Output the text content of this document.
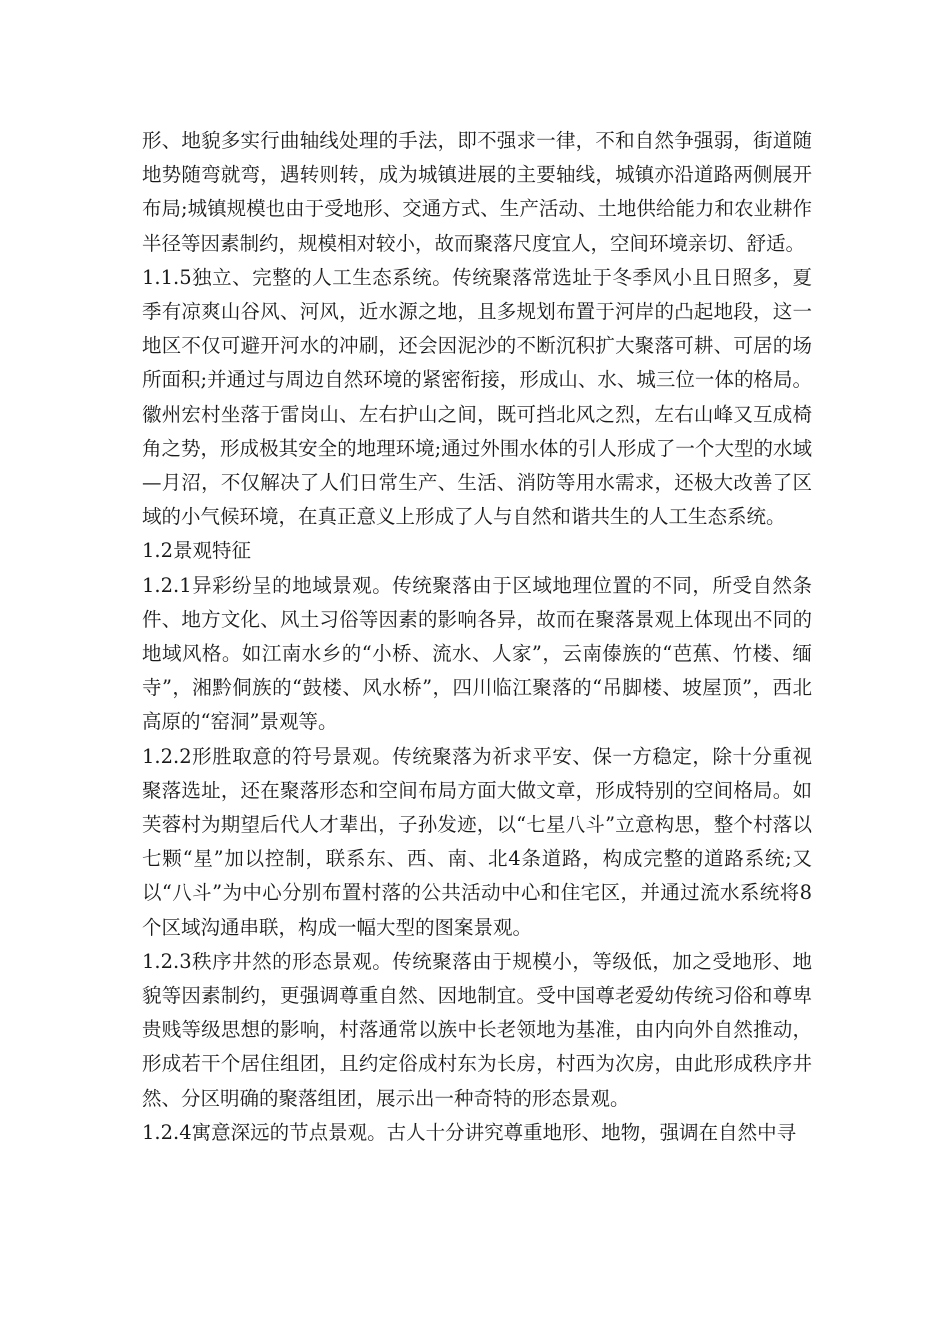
形、地貌多实行曲轴线处理的手法，即不强求一律，不和自然争强弱，街道随地势随弯就弯，遇转则转，成为城镇进展的主要轴线，城镇亦沿道路两侧展开布局;城镇规模也由于受地形、交通方式、生产活动、土地供给能力和农业耕作半径等因素制约，规模相对较小，故而聚落尺度宜人，空间环境亲切、舒适。

1.1.5独立、完整的人工生态系统。传统聚落常选址于冬季风小且日照多，夏季有凉爽山谷风、河风，近水源之地，且多规划布置于河岸的凸起地段，这一地区不仅可避开河水的冲刷，还会因泥沙的不断沉积扩大聚落可耕、可居的场所面积;并通过与周边自然环境的紧密衔接，形成山、水、城三位一体的格局。徽州宏村坐落于雷岗山、左右护山之间，既可挡北风之烈，左右山峰又互成椅角之势，形成极其安全的地理环境;通过外围水体的引人形成了一个大型的水域—月沼，不仅解决了人们日常生产、生活、消防等用水需求，还极大改善了区域的小气候环境，在真正意义上形成了人与自然和谐共生的人工生态系统。

1.2景观特征

1.2.1异彩纷呈的地域景观。传统聚落由于区域地理位置的不同，所受自然条件、地方文化、风土习俗等因素的影响各异，故而在聚落景观上体现出不同的地域风格。如江南水乡的“小桥、流水、人家”，云南傣族的“芭蕉、竹楼、缅寺”，湘黔侗族的“鼓楼、风水桥”，四川临江聚落的“吊脚楼、坡屋顶”，西北高原的“窑洞”景观等。

1.2.2形胜取意的符号景观。传统聚落为祈求平安、保一方稳定，除十分重视聚落选址，还在聚落形态和空间布局方面大做文章，形成特别的空间格局。如芙蓉村为期望后代人才辈出，子孙发迹，以“七星八斗”立意构思，整个村落以七颗“星”加以控制，联系东、西、南、北4条道路，构成完整的道路系统;又以“八斗”为中心分别布置村落的公共活动中心和住宅区，并通过流水系统将8个区域沟通串联，构成一幅大型的图案景观。

1.2.3秩序井然的形态景观。传统聚落由于规模小，等级低，加之受地形、地貌等因素制约，更强调尊重自然、因地制宜。受中国尊老爱幼传统习俗和尊卑贵贱等级思想的影响，村落通常以族中长老领地为基准，由内向外自然推动，形成若干个居住组团，且约定俗成村东为长房，村西为次房，由此形成秩序井然、分区明确的聚落组团，展示出一种奇特的形态景观。

1.2.4寓意深远的节点景观。古人十分讲究尊重地形、地物，强调在自然中寻
